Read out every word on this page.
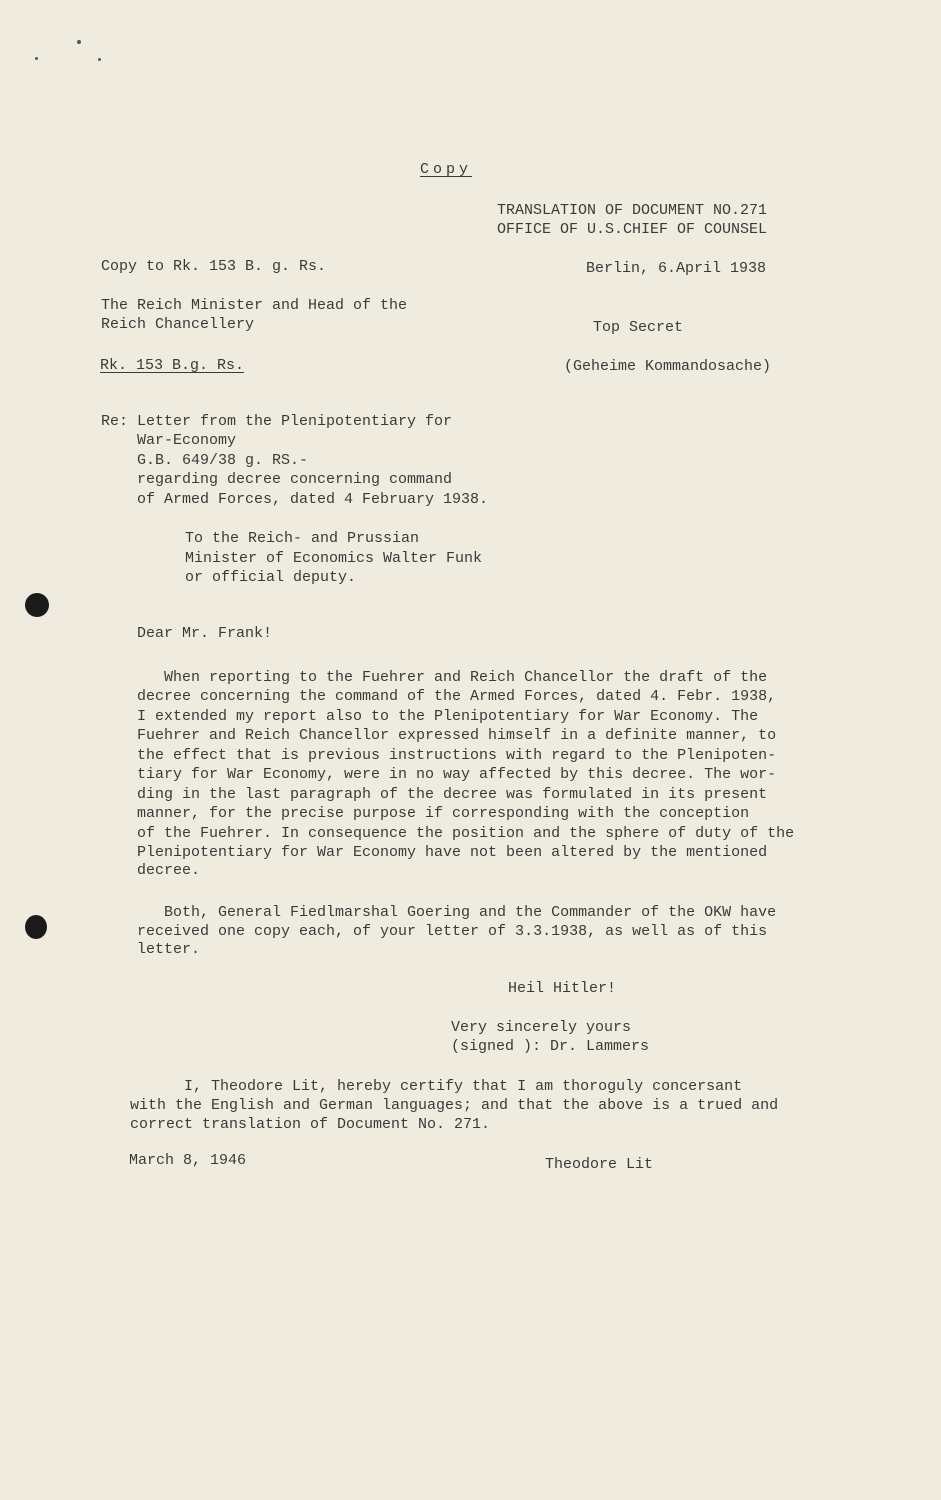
Copy

TRANSLATION OF DOCUMENT NO.271

OFFICE OF U.S.CHIEF OF COUNSEL

Copy to Rk. 153 B. g. Rs.	Berlin, 6.April 1938

The Reich Minister and Head of the

Reich Chancellery	Top Secret

Rk. 153 B.g. Rs.	(Geheime Kommandosache)

Re: Letter from the Plenipotentiary for

War-Economy

G.B. 649/38 g. RS.-

regarding decree concerning command

of Armed Forces, dated 4 February 1938.

To the Reich- and Prussian

Minister of Economics Walter Funk

or official deputy.

Dear Mr. Frank!

When reporting to the Fuehrer and Reich Chancellor the draft of the

decree concerning the command of the Armed Forces, dated 4. Febr. 1938,

I extended my report also to the Plenipotentiary for War Economy. The

Fuehrer and Reich Chancellor expressed himself in a definite manner, to

the effect that is previous instructions with regard to the Plenipoten-

tiary for War Economy, were in no way affected by this decree. The wor-

ding in the last paragraph of the decree was formulated in its present

manner, for the precise purpose if corresponding with the conception

of the Fuehrer. In consequence the position and the sphere of duty of the

Plenipotentiary for War Economy have not been altered by the mentioned

decree.

Both, General Fiedlmarshal Goering and the Commander of the OKW have

received one copy each, of your letter of 3.3.1938, as well as of this

letter.

Heil Hitler!

Very sincerely yours

(signed ): Dr. Lammers

I, Theodore Lit, hereby certify that I am thoroguly concersant

with the English and German languages; and that the above is a trued and

correct translation of Document No. 271.

March 8, 1946	Theodore Lit
